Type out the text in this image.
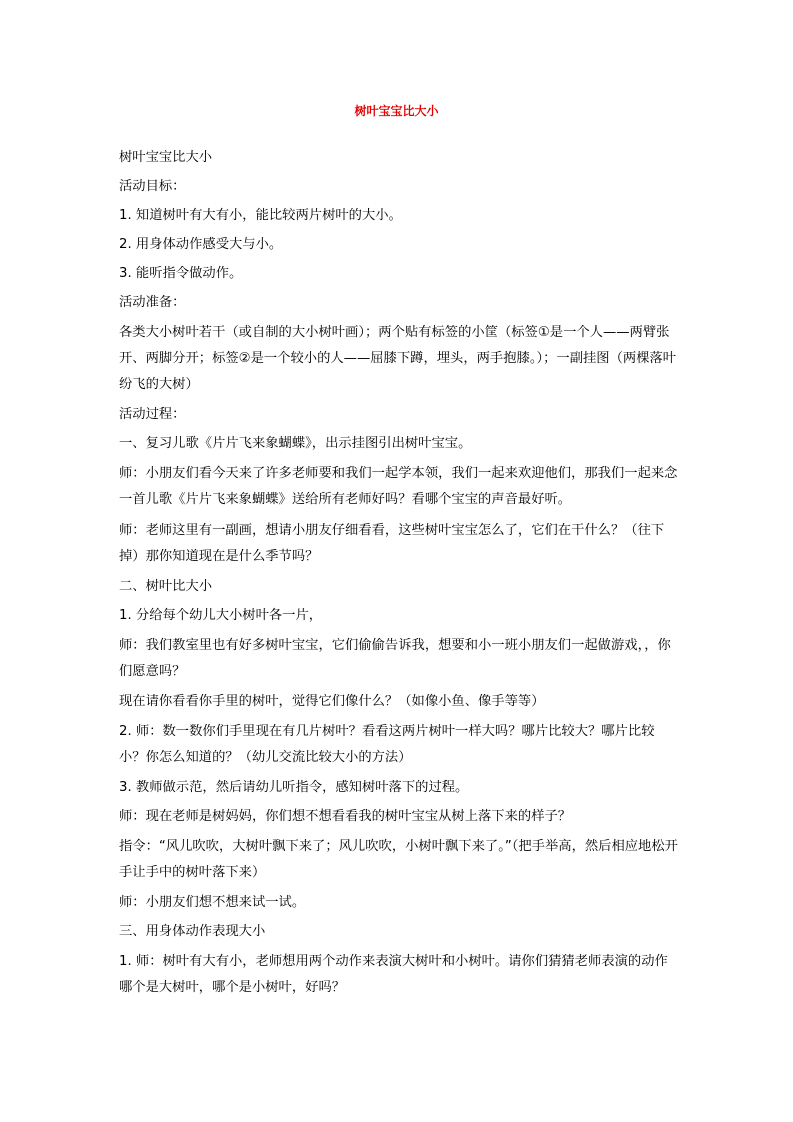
树叶宝宝比大小

树叶宝宝比大小

活动目标：

1. 知道树叶有大有小，能比较两片树叶的大小。

2. 用身体动作感受大与小。

3. 能听指令做动作。

活动准备：

各类大小树叶若干（或自制的大小树叶画）；两个贴有标签的小筐（标签①是一个人——两臂张开、两脚分开；标签②是一个较小的人——屈膝下蹲，埋头，两手抱膝。）；一副挂图（两棵落叶纷飞的大树）

活动过程：

一、复习儿歌《片片飞来象蝴蝶》，出示挂图引出树叶宝宝。

师：小朋友们看今天来了许多老师要和我们一起学本领，我们一起来欢迎他们，那我们一起来念一首儿歌《片片飞来象蝴蝶》送给所有老师好吗？看哪个宝宝的声音最好听。

师：老师这里有一副画，想请小朋友仔细看看，这些树叶宝宝怎么了，它们在干什么？（往下掉）那你知道现在是什么季节吗？

二、树叶比大小

1. 分给每个幼儿大小树叶各一片，

师：我们教室里也有好多树叶宝宝，它们偷偷告诉我，想要和小一班小朋友们一起做游戏，，你们愿意吗？

现在请你看看你手里的树叶，觉得它们像什么？（如像小鱼、像手等等）

2. 师：数一数你们手里现在有几片树叶？看看这两片树叶一样大吗？哪片比较大？哪片比较小？你怎么知道的？（幼儿交流比较大小的方法）

3. 教师做示范，然后请幼儿听指令，感知树叶落下的过程。

师：现在老师是树妈妈，你们想不想看看我的树叶宝宝从树上落下来的样子？

指令：“风儿吹吹，大树叶飘下来了；风儿吹吹，小树叶飘下来了。”（把手举高，然后相应地松开手让手中的树叶落下来）

师：小朋友们想不想来试一试。

三、用身体动作表现大小

1. 师：树叶有大有小，老师想用两个动作来表演大树叶和小树叶。请你们猜猜老师表演的动作哪个是大树叶，哪个是小树叶，好吗？
